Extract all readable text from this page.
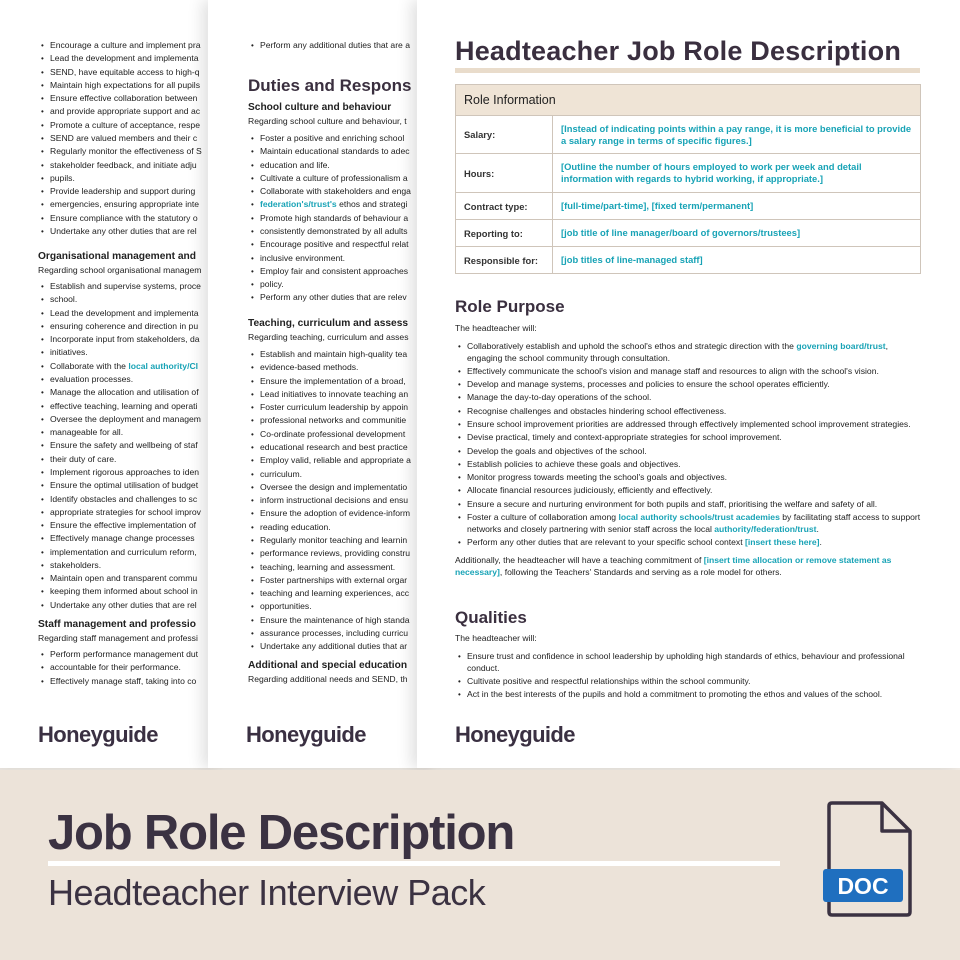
• Encourage a culture and implement pra
• Lead the development and implementa
• SEND, have equitable access to high-q
• Maintain high expectations for all pupils
• Ensure effective collaboration between
• and provide appropriate support and ac
• Promote a culture of acceptance, respe
• SEND are valued members and their c
• Regularly monitor the effectiveness of S
• stakeholder feedback, and initiate adju
• pupils.
• Provide leadership and support during
• emergencies, ensuring appropriate inte
• Ensure compliance with the statutory o
• Undertake any other duties that are rel

Organisational management and

Regarding school organisational managem

• Establish and supervise systems, proce
• school.
• Lead the development and implementa
• ensuring coherence and direction in pu
• Incorporate input from stakeholders, da
• initiatives.
• Collaborate with the local authority/Cl
• evaluation processes.
• Manage the allocation and utilisation of
• effective teaching, learning and operati
• Oversee the deployment and managem
• manageable for all.
• Ensure the safety and wellbeing of staf
• their duty of care.
• Implement rigorous approaches to iden
• Ensure the optimal utilisation of budget
• Identify obstacles and challenges to sc
• appropriate strategies for school improv
• Ensure the effective implementation of
• Effectively manage change processes
• implementation and curriculum reform,
• stakeholders.
• Maintain open and transparent commu
• keeping them informed about school in
• Undertake any other duties that are rel

Staff management and professio

Regarding staff management and professi

• Perform performance management dut
• accountable for their performance.
• Effectively manage staff, taking into co
Honeyguide
• Perform any additional duties that are a

Duties and Respons

School culture and behaviour

Regarding school culture and behaviour, t

• Foster a positive and enriching school
• Maintain educational standards to adec
• education and life.
• Cultivate a culture of professionalism a
• Collaborate with stakeholders and enga
• federation's/trust's ethos and strategi
• Promote high standards of behaviour a
• consistently demonstrated by all adults
• Encourage positive and respectful relat
• inclusive environment.
• Employ fair and consistent approaches
• policy.
• Perform any other duties that are relev

Teaching, curriculum and assess

Regarding teaching, curriculum and asses

• Establish and maintain high-quality tea
• evidence-based methods.
• Ensure the implementation of a broad,
• Lead initiatives to innovate teaching an
• Foster curriculum leadership by appoin
• professional networks and communitie
• Co-ordinate professional development
• educational research and best practice
• Employ valid, reliable and appropriate a
• curriculum.
• Oversee the design and implementatio
• inform instructional decisions and ensu
• Ensure the adoption of evidence-inform
• reading education.
• Regularly monitor teaching and learnin
• performance reviews, providing constru
• teaching, learning and assessment.
• Foster partnerships with external orgar
• teaching and learning experiences, acc
• opportunities.
• Ensure the maintenance of high standa
• assurance processes, including curricu
• Undertake any additional duties that ar

Additional and special education

Regarding additional needs and SEND, th

Honeyguide
Headteacher Job Role Description
Role Information	
Salary:	[Instead of indicating points within a pay range, it is more beneficial to provide a salary range in terms of specific figures.]
Hours:	[Outline the number of hours employed to work per week and detail information with regards to hybrid working, if appropriate.]
Contract type:	[full-time/part-time], [fixed term/permanent]
Reporting to:	[job title of line manager/board of governors/trustees]
Responsible for:	[job titles of line-managed staff]

Role Purpose

The headteacher will:

• Collaboratively establish and uphold the school's ethos and strategic direction with the governing board/trust, engaging the school community through consultation.
• Effectively communicate the school's vision and manage staff and resources to align with the school's vision.
• Develop and manage systems, processes and policies to ensure the school operates efficiently.
• Manage the day-to-day operations of the school.
• Recognise challenges and obstacles hindering school effectiveness.
• Ensure school improvement priorities are addressed through effectively implemented school improvement strategies.
• Devise practical, timely and context-appropriate strategies for school improvement.
• Develop the goals and objectives of the school.
• Establish policies to achieve these goals and objectives.
• Monitor progress towards meeting the school's goals and objectives.
• Allocate financial resources judiciously, efficiently and effectively.
• Ensure a secure and nurturing environment for both pupils and staff, prioritising the welfare and safety of all.
• Foster a culture of collaboration among local authority schools/trust academies by facilitating staff access to support networks and closely partnering with senior staff across the local authority/federation/trust.
• Perform any other duties that are relevant to your specific school context [insert these here].

Additionally, the headteacher will have a teaching commitment of [insert time allocation or remove statement as necessary], following the Teachers' Standards and serving as a role model for others.

Qualities

The headteacher will:

• Ensure trust and confidence in school leadership by upholding high standards of ethics, behaviour and professional conduct.
• Cultivate positive and respectful relationships within the school community.
• Act in the best interests of the pupils and hold a commitment to promoting the ethos and values of the school.
Honeyguide
Job Role Description
Headteacher Interview Pack	DOC
